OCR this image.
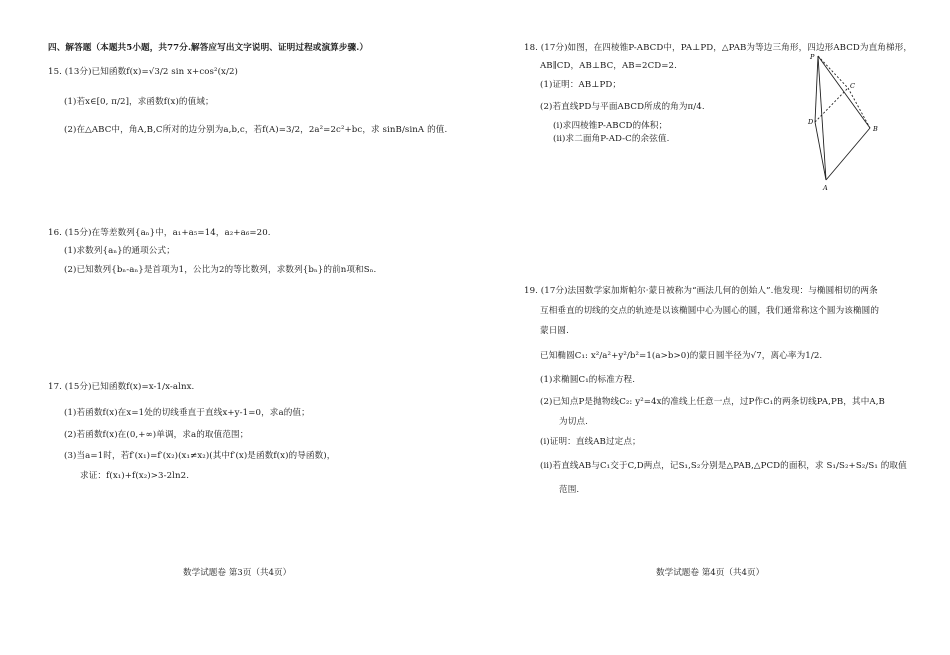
四、解答题（本题共5小题，共77分.解答应写出文字说明、证明过程或演算步骤.）
15. (13分)已知函数f(x)=√3/2 sin x+cos²(x/2)
(1)若x∈[0, π/2]，求函数f(x)的值域；
(2)在△ABC中，角A,B,C所对的边分别为a,b,c，若f(A)=3/2，2a²=2c²+bc，求 sinB/sinA 的值.
16. (15分)在等差数列{aₙ}中，a₁+a₅=14，a₂+a₆=20.
(1)求数列{aₙ}的通项公式；
(2)已知数列{bₙ-aₙ}是首项为1，公比为2的等比数列，求数列{bₙ}的前n项和Sₙ.
17. (15分)已知函数f(x)=x-1/x-alnx.
(1)若函数f(x)在x=1处的切线垂直于直线x+y-1=0，求a的值；
(2)若函数f(x)在(0,+∞)单调，求a的取值范围；
(3)当a=1时，若f′(x₁)=f′(x₂)(x₁≠x₂)(其中f′(x)是函数f(x)的导函数)，
求证：f(x₁)+f(x₂)>3-2ln2.
数学试题卷 第3页（共4页）
18. (17分)如图，在四棱锥P-ABCD中，PA⊥PD，△PAB为等边三角形，四边形ABCD为直角梯形，
AB∥CD，AB⊥BC，AB=2CD=2.
(1)证明：AB⊥PD；
(2)若直线PD与平面ABCD所成的角为π/4.
(i)求四棱锥P-ABCD的体积；
(ⅱ)求二面角P-AD-C的余弦值.
P
C
D
B
A
19. (17分)法国数学家加斯帕尔·蒙日被称为“画法几何的创始人”.他发现：与椭圆相切的两条
互相垂直的切线的交点的轨迹是以该椭圆中心为圆心的圆，我们通常称这个圆为该椭圆的
蒙日圆.
已知椭圆C₁: x²/a²+y²/b²=1(a>b>0)的蒙日圆半径为√7，离心率为1/2.
(1)求椭圆C₁的标准方程.
(2)已知点P是抛物线C₂: y²=4x的准线上任意一点，过P作C₁的两条切线PA,PB，其中A,B
为切点.
(i)证明：直线AB过定点；
(ⅱ)若直线AB与C₁交于C,D两点，记S₁,S₂分别是△PAB,△PCD的面积，求 S₁/S₂+S₂/S₁ 的取值
范围.
数学试题卷 第4页（共4页）
